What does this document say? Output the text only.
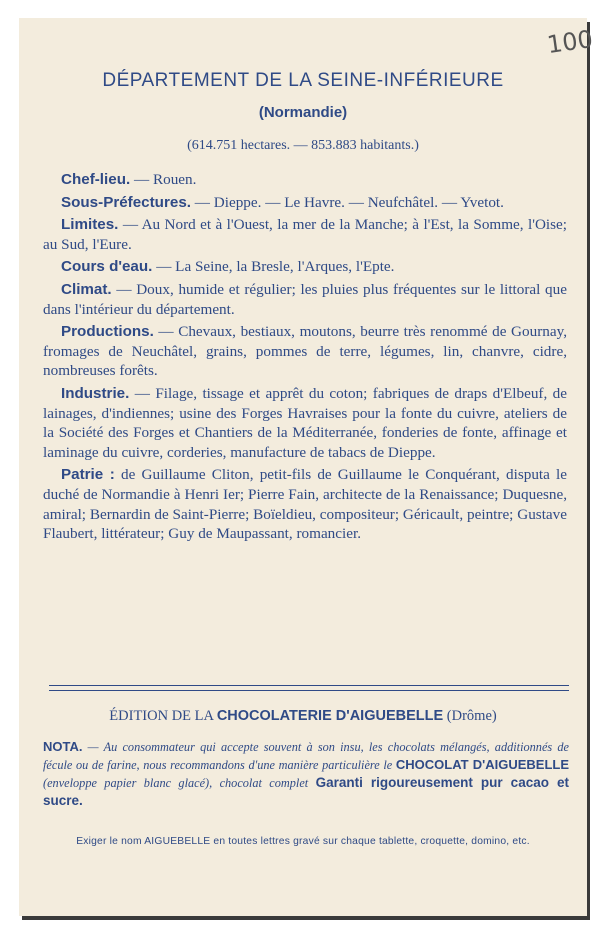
100
DÉPARTEMENT DE LA SEINE-INFÉRIEURE
(Normandie)
(614.751 hectares. — 853.883 habitants.)

Chef-lieu. — Rouen.

Sous-Préfectures. — Dieppe. — Le Havre. — Neufchâtel. — Yvetot.

Limites. — Au Nord et à l'Ouest, la mer de la Manche; à l'Est, la Somme, l'Oise; au Sud, l'Eure.

Cours d'eau. — La Seine, la Bresle, l'Arques, l'Epte.

Climat. — Doux, humide et régulier; les pluies plus fréquentes sur le littoral que dans l'intérieur du département.

Productions. — Chevaux, bestiaux, moutons, beurre très renommé de Gournay, fromages de Neuchâtel, grains, pommes de terre, légumes, lin, chanvre, cidre, nombreuses forêts.

Industrie. — Filage, tissage et apprêt du coton; fabriques de draps d'Elbeuf, de lainages, d'indiennes; usine des Forges Havraises pour la fonte du cuivre, ateliers de la Société des Forges et Chantiers de la Méditerranée, fonderies de fonte, affinage et laminage du cuivre, corderies, manufacture de tabacs de Dieppe.

Patrie : de Guillaume Cliton, petit-fils de Guillaume le Conquérant, disputa le duché de Normandie à Henri Ier; Pierre Fain, architecte de la Renaissance; Duquesne, amiral; Bernardin de Saint-Pierre; Boïeldieu, compositeur; Géricault, peintre; Gustave Flaubert, littérateur; Guy de Maupassant, romancier.

ÉDITION DE LA CHOCOLATERIE D'AIGUEBELLE (Drôme)
NOTA. — Au consommateur qui accepte souvent à son insu, les chocolats mélangés, additionnés de fécule ou de farine, nous recommandons d'une manière particulière le CHOCOLAT D'AIGUEBELLE (enveloppe papier blanc glacé), chocolat complet Garanti rigoureusement pur cacao et sucre.
Exiger le nom AIGUEBELLE en toutes lettres gravé sur chaque tablette, croquette, domino, etc.
